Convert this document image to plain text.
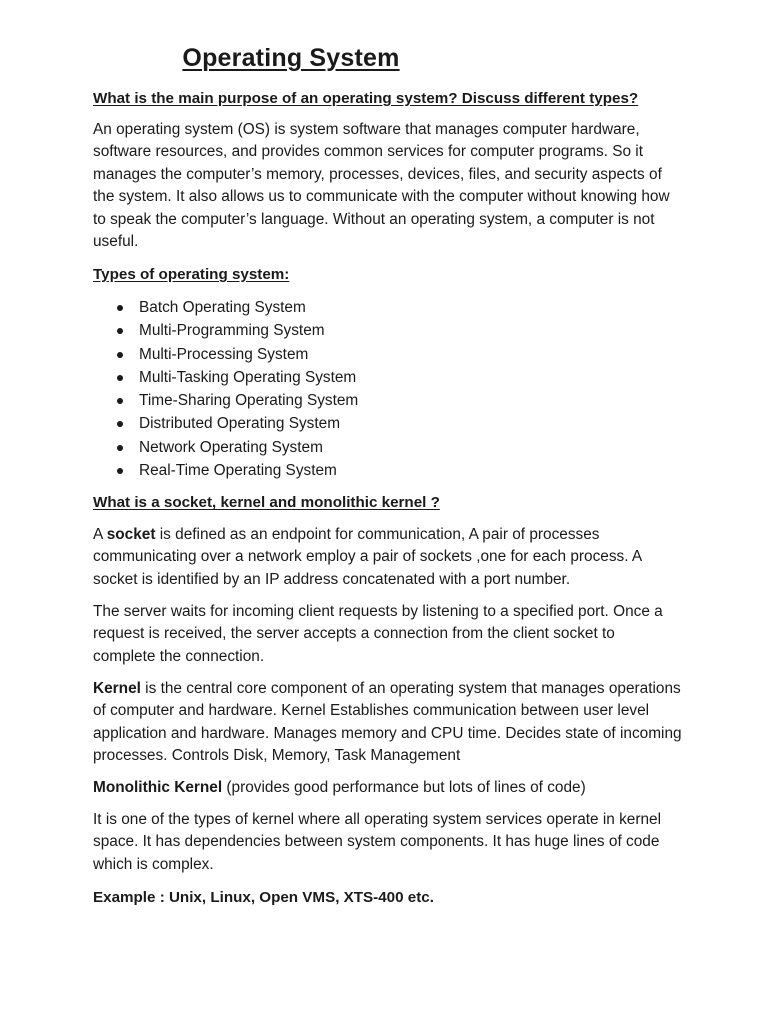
Operating System
What is the main purpose of an operating system? Discuss different types?

An operating system (OS) is system software that manages computer hardware, software resources, and provides common services for computer programs. So it manages the computer’s memory, processes, devices, files, and security aspects of the system. It also allows us to communicate with the computer without knowing how to speak the computer’s language. Without an operating system, a computer is not useful.

Types of operating system:
Batch Operating System
Multi-Programming System
Multi-Processing System
Multi-Tasking Operating System
Time-Sharing Operating System
Distributed Operating System
Network Operating System
Real-Time Operating System
What is a socket, kernel and monolithic kernel ?

A socket is defined as an endpoint for communication, A pair of processes communicating over a network employ a pair of sockets ,one for each process. A socket is identified by an IP address concatenated with a port number.

The server waits for incoming client requests by listening to a specified port. Once a request is received, the server accepts a connection from the client socket to complete the connection.

Kernel is the central core component of an operating system that manages operations of computer and hardware. Kernel Establishes communication between user level application and hardware. Manages memory and CPU time. Decides state of incoming processes. Controls Disk, Memory, Task Management

Monolithic Kernel (provides good performance but lots of lines of code)

It is one of the types of kernel where all operating system services operate in kernel space. It has dependencies between system components. It has huge lines of code which is complex.

Example : Unix, Linux, Open VMS, XTS-400 etc.
